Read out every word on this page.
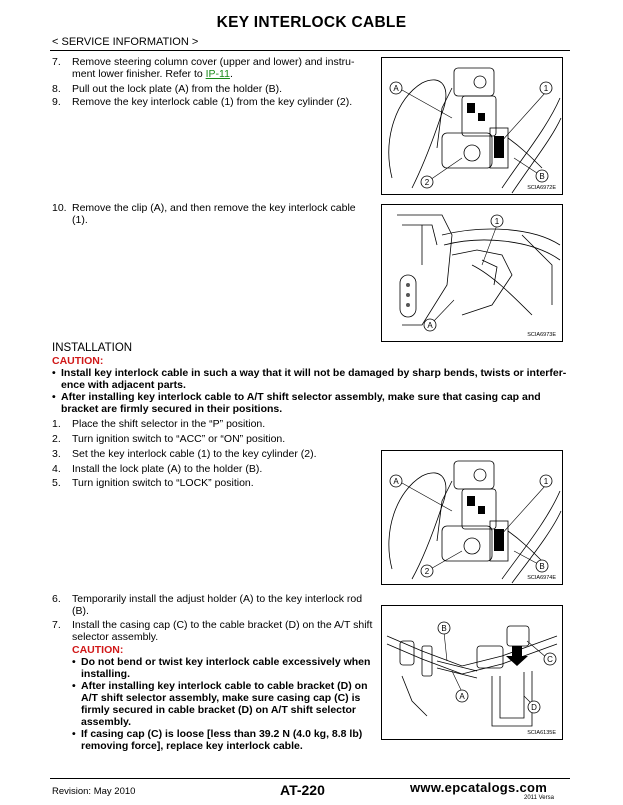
KEY INTERLOCK CABLE
< SERVICE INFORMATION >
7.	Remove steering column cover (upper and lower) and instru-
ment lower finisher. Refer to IP-11.
8.	Pull out the lock plate (A) from the holder (B).
9.	Remove the key interlock cable (1) from the key cylinder (2).
10. Remove the clip (A), and then remove the key interlock cable
(1).
A	1
B
2
SCIA6972E
1
A
SCIA6973E
INSTALLATION
CAUTION:
• Install key interlock cable in such a way that it will not be damaged by sharp bends, twists or interfer-
ence with adjacent parts.
• After installing key interlock cable to A/T shift selector assembly, make sure that casing cap and
bracket are firmly secured in their positions.
1.	Place the shift selector in the “P” position.
2.	Turn ignition switch to “ACC” or “ON” position.
3.	Set the key interlock cable (1) to the key cylinder (2).
4.	Install the lock plate (A) to the holder (B).
5.	Turn ignition switch to “LOCK” position.	A	1
B
2
SCIA6974E
6.	Temporarily install the adjust holder (A) to the key interlock rod
(B).
7.	Install the casing cap (C) to the cable bracket (D) on the A/T shift
selector assembly.
CAUTION:
• Do not bend or twist key interlock cable excessively when
installing.
• After installing key interlock cable to cable bracket (D) on
A/T shift selector assembly, make sure casing cap (C) is
firmly secured in cable bracket (D) on A/T shift selector
assembly.
• If casing cap (C) is loose [less than 39.2 N (4.0 kg, 8.8 lb)
removing force], replace key interlock cable.
B
C
A
D
SCIA6135E
Revision: May 2010	AT-220	www.epcatalogs.com
2011 Versa
